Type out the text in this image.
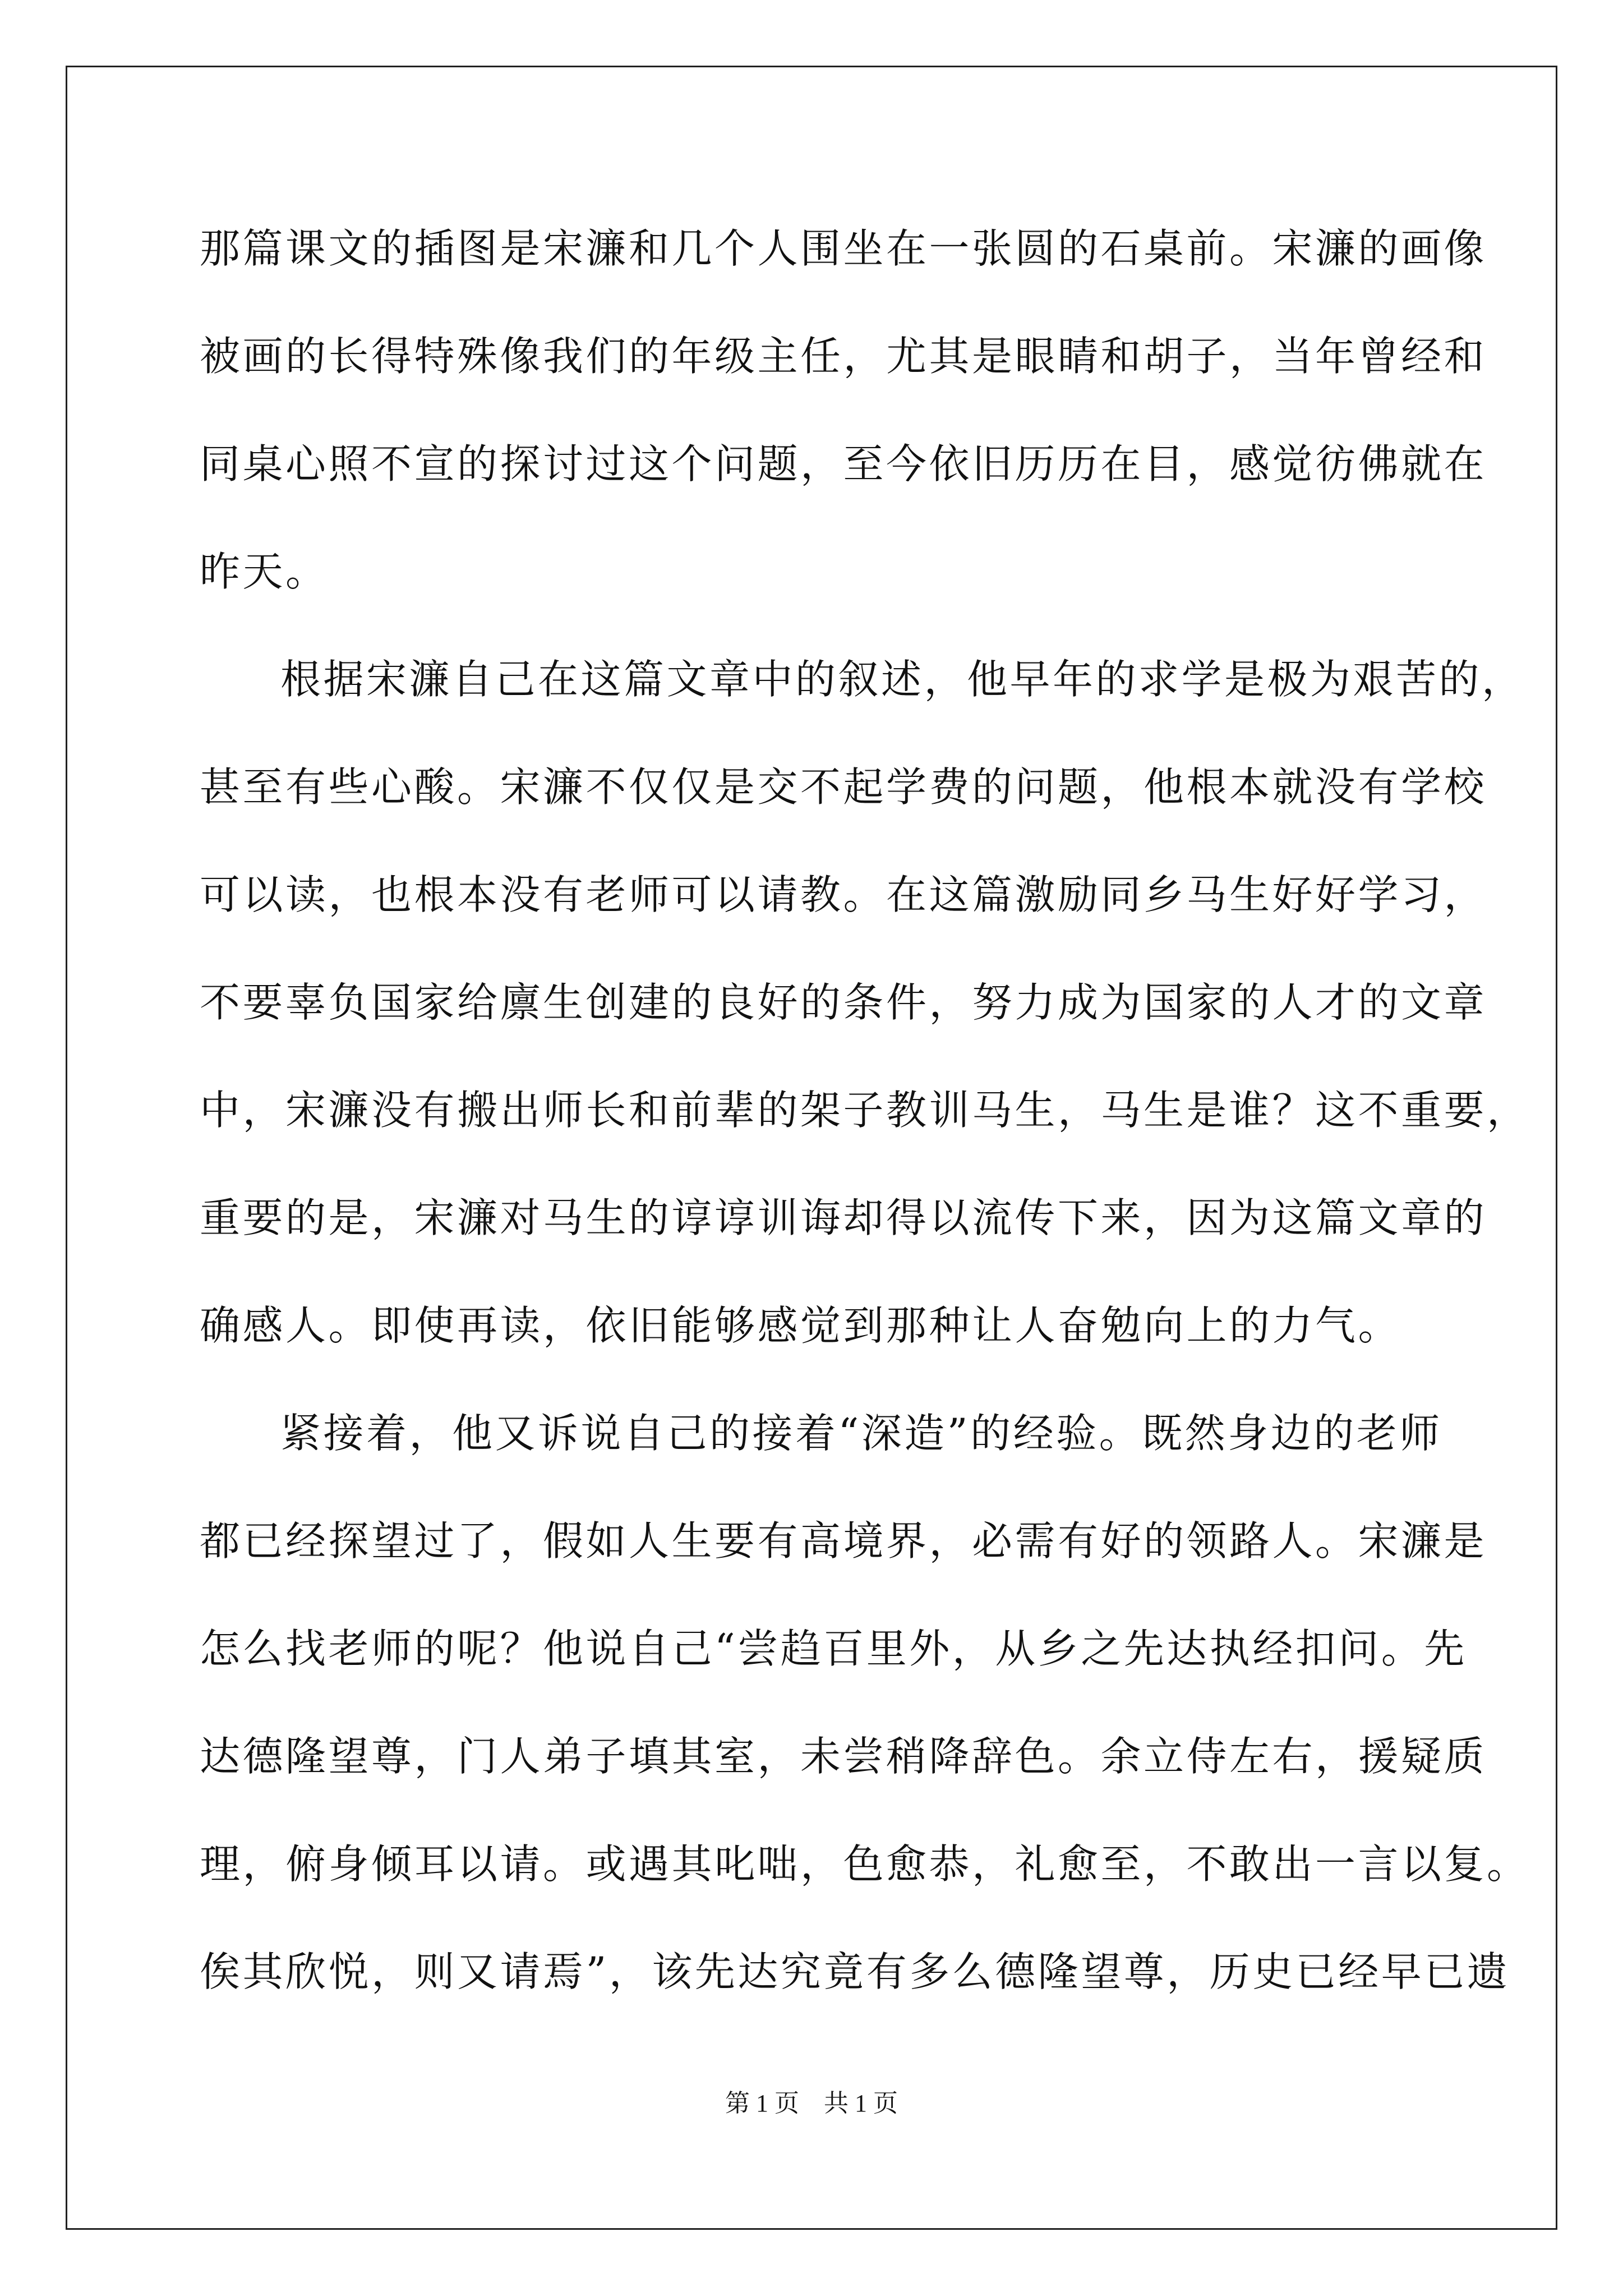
那篇课文的插图是宋濂和几个人围坐在一张圆的石桌前。宋濂的画像
被画的长得特殊像我们的年级主任，尤其是眼睛和胡子，当年曾经和
同桌心照不宣的探讨过这个问题，至今依旧历历在目，感觉彷佛就在
昨天。
根据宋濂自己在这篇文章中的叙述，他早年的求学是极为艰苦的，
甚至有些心酸。宋濂不仅仅是交不起学费的问题，他根本就没有学校
可以读，也根本没有老师可以请教。在这篇激励同乡马生好好学习，
不要辜负国家给廪生创建的良好的条件，努力成为国家的人才的文章
中，宋濂没有搬出师长和前辈的架子教训马生，马生是谁？这不重要，
重要的是，宋濂对马生的谆谆训诲却得以流传下来，因为这篇文章的
确感人。即使再读，依旧能够感觉到那种让人奋勉向上的力气。
紧接着，他又诉说自己的接着“深造”的经验。既然身边的老师
都已经探望过了，假如人生要有高境界，必需有好的领路人。宋濂是
怎么找老师的呢？他说自己“尝趋百里外，从乡之先达执经扣问。先
达德隆望尊，门人弟子填其室，未尝稍降辞色。余立侍左右，援疑质
理，俯身倾耳以请。或遇其叱咄，色愈恭，礼愈至，不敢出一言以复。
俟其欣悦，则又请焉”，该先达究竟有多么德隆望尊，历史已经早已遗
第 1 页　共 1 页
